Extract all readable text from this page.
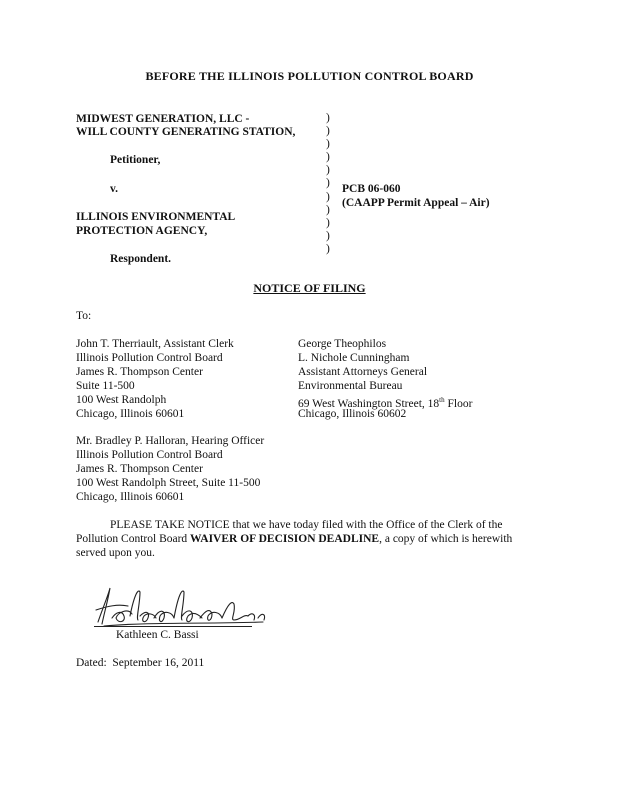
BEFORE THE ILLINOIS POLLUTION CONTROL BOARD
MIDWEST GENERATION, LLC -
WILL COUNTY GENERATING STATION,
Petitioner,
v.
ILLINOIS ENVIRONMENTAL
PROTECTION AGENCY,
Respondent.
)
)
)
)
)
)
)
)
)
)
)
PCB 06-060
(CAAPP Permit Appeal – Air)
NOTICE OF FILING
To:
John T. Therriault, Assistant Clerk
Illinois Pollution Control Board
James R. Thompson Center
Suite 11-500
100 West Randolph
Chicago, Illinois 60601
George Theophilos
L. Nichole Cunningham
Assistant Attorneys General
Environmental Bureau
69 West Washington Street, 18th Floor
Chicago, Illinois 60602
Mr. Bradley P. Halloran, Hearing Officer
Illinois Pollution Control Board
James R. Thompson Center
100 West Randolph Street, Suite 11-500
Chicago, Illinois 60601
PLEASE TAKE NOTICE that we have today filed with the Office of the Clerk of the
Pollution Control Board WAIVER OF DECISION DEADLINE, a copy of which is herewith
served upon you.
Kathleen C. Bassi
Dated:  September 16, 2011
